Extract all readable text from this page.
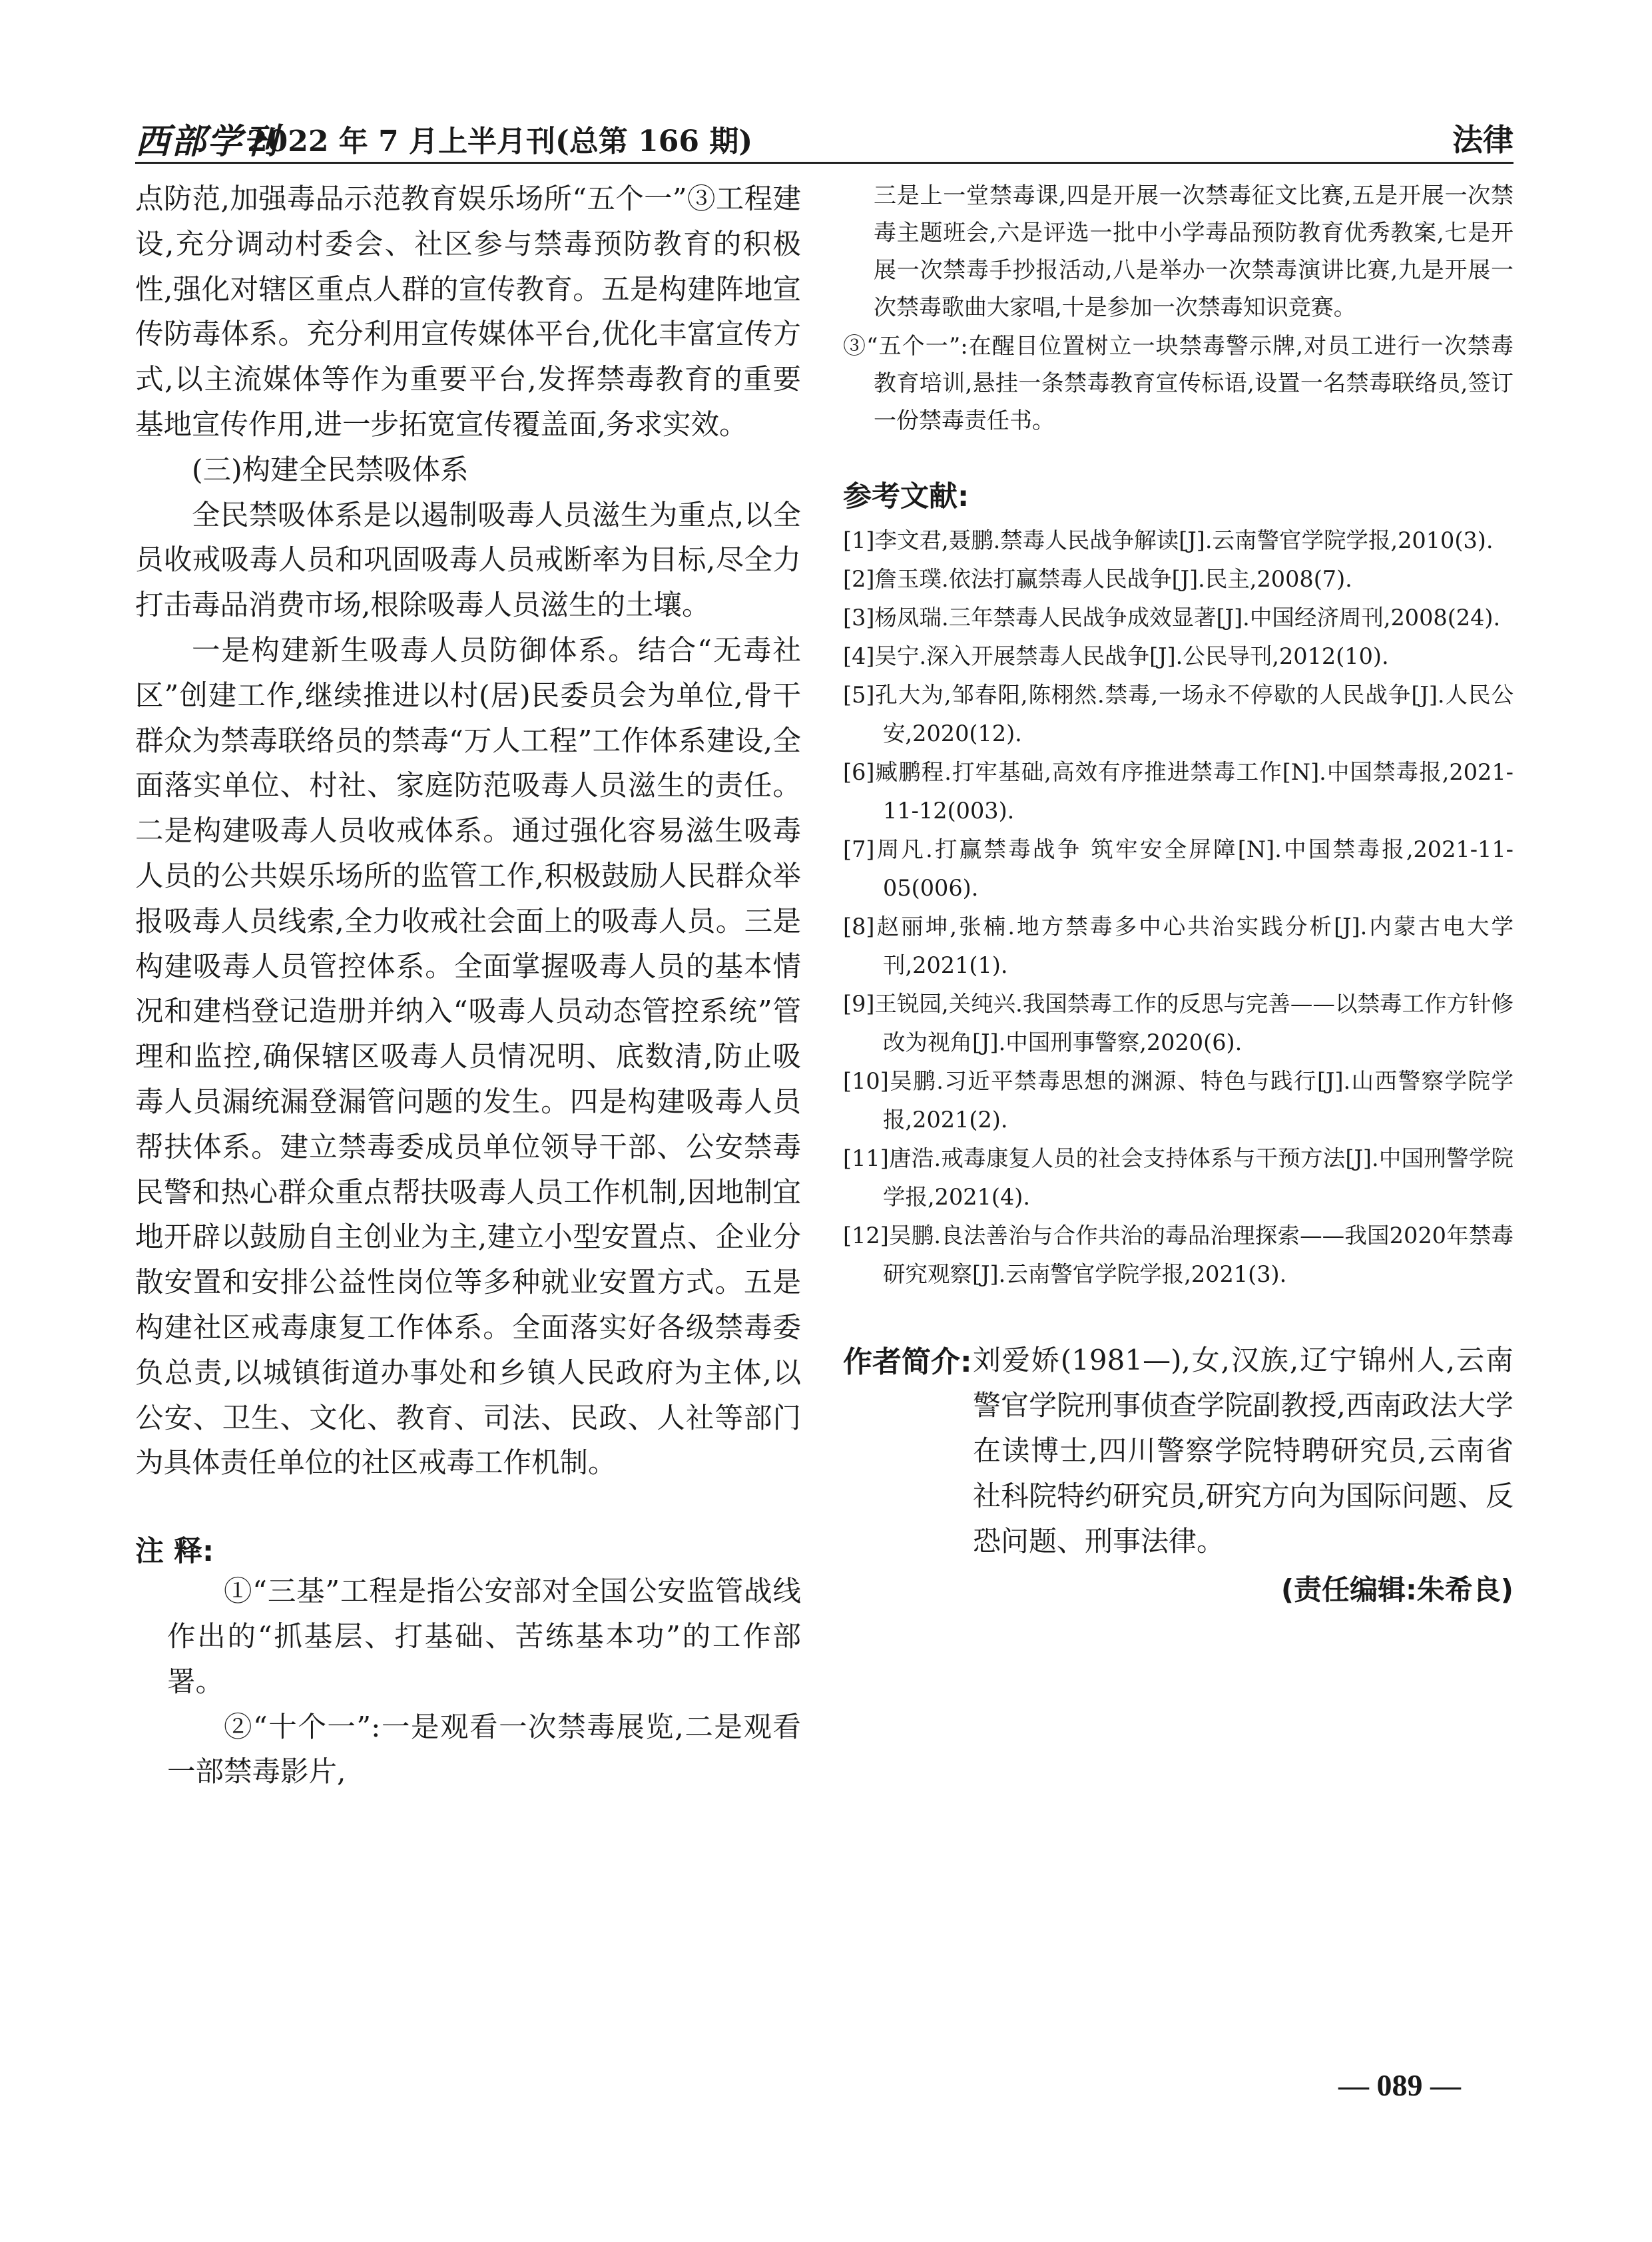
西部学刊
2022 年 7 月上半月刊(总第 166 期)	法律

点防范,加强毒品示范教育娱乐场所“五个一”③工程建设,充分调动村委会、社区参与禁毒预防教育的积极性,强化对辖区重点人群的宣传教育。五是构建阵地宣传防毒体系。充分利用宣传媒体平台,优化丰富宣传方式,以主流媒体等作为重要平台,发挥禁毒教育的重要基地宣传作用,进一步拓宽宣传覆盖面,务求实效。

(三)构建全民禁吸体系

全民禁吸体系是以遏制吸毒人员滋生为重点,以全员收戒吸毒人员和巩固吸毒人员戒断率为目标,尽全力打击毒品消费市场,根除吸毒人员滋生的土壤。

一是构建新生吸毒人员防御体系。结合“无毒社区”创建工作,继续推进以村(居)民委员会为单位,骨干群众为禁毒联络员的禁毒“万人工程”工作体系建设,全面落实单位、村社、家庭防范吸毒人员滋生的责任。二是构建吸毒人员收戒体系。通过强化容易滋生吸毒人员的公共娱乐场所的监管工作,积极鼓励人民群众举报吸毒人员线索,全力收戒社会面上的吸毒人员。三是构建吸毒人员管控体系。全面掌握吸毒人员的基本情况和建档登记造册并纳入“吸毒人员动态管控系统”管理和监控,确保辖区吸毒人员情况明、底数清,防止吸毒人员漏统漏登漏管问题的发生。四是构建吸毒人员帮扶体系。建立禁毒委成员单位领导干部、公安禁毒民警和热心群众重点帮扶吸毒人员工作机制,因地制宜地开辟以鼓励自主创业为主,建立小型安置点、企业分散安置和安排公益性岗位等多种就业安置方式。五是构建社区戒毒康复工作体系。全面落实好各级禁毒委负总责,以城镇街道办事处和乡镇人民政府为主体,以公安、卫生、文化、教育、司法、民政、人社等部门为具体责任单位的社区戒毒工作机制。

注 释:

①“三基”工程是指公安部对全国公安监管战线作出的“抓基层、打基础、苦练基本功”的工作部署。

②“十个一”:一是观看一次禁毒展览,二是观看一部禁毒影片,

三是上一堂禁毒课,四是开展一次禁毒征文比赛,五是开展一次禁毒主题班会,六是评选一批中小学毒品预防教育优秀教案,七是开展一次禁毒手抄报活动,八是举办一次禁毒演讲比赛,九是开展一次禁毒歌曲大家唱,十是参加一次禁毒知识竞赛。

③“五个一”:在醒目位置树立一块禁毒警示牌,对员工进行一次禁毒教育培训,悬挂一条禁毒教育宣传标语,设置一名禁毒联络员,签订一份禁毒责任书。

参考文献:

[1]李文君,聂鹏.禁毒人民战争解读[J].云南警官学院学报,2010(3).

[2]詹玉璞.依法打赢禁毒人民战争[J].民主,2008(7).

[3]杨凤瑞.三年禁毒人民战争成效显著[J].中国经济周刊,2008(24).

[4]吴宁.深入开展禁毒人民战争[J].公民导刊,2012(10).

[5]孔大为,邹春阳,陈栩然.禁毒,一场永不停歇的人民战争[J].人民公安,2020(12).

[6]臧鹏程.打牢基础,高效有序推进禁毒工作[N].中国禁毒报,2021-11-12(003).

[7]周凡.打赢禁毒战争 筑牢安全屏障[N].中国禁毒报,2021-11-05(006).

[8]赵丽坤,张楠.地方禁毒多中心共治实践分析[J].内蒙古电大学刊,2021(1).

[9]王锐园,关纯兴.我国禁毒工作的反思与完善——以禁毒工作方针修改为视角[J].中国刑事警察,2020(6).

[10]吴鹏.习近平禁毒思想的渊源、特色与践行[J].山西警察学院学报,2021(2).

[11]唐浩.戒毒康复人员的社会支持体系与干预方法[J].中国刑警学院学报,2021(4).

[12]吴鹏.良法善治与合作共治的毒品治理探索——我国2020年禁毒研究观察[J].云南警官学院学报,2021(3).

作者简介: 刘爱娇(1981—),女,汉族,辽宁锦州人,云南警官学院刑事侦查学院副教授,西南政法大学在读博士,四川警察学院特聘研究员,云南省社科院特约研究员,研究方向为国际问题、反恐问题、刑事法律。

(责任编辑:朱希良)
— 089 —
